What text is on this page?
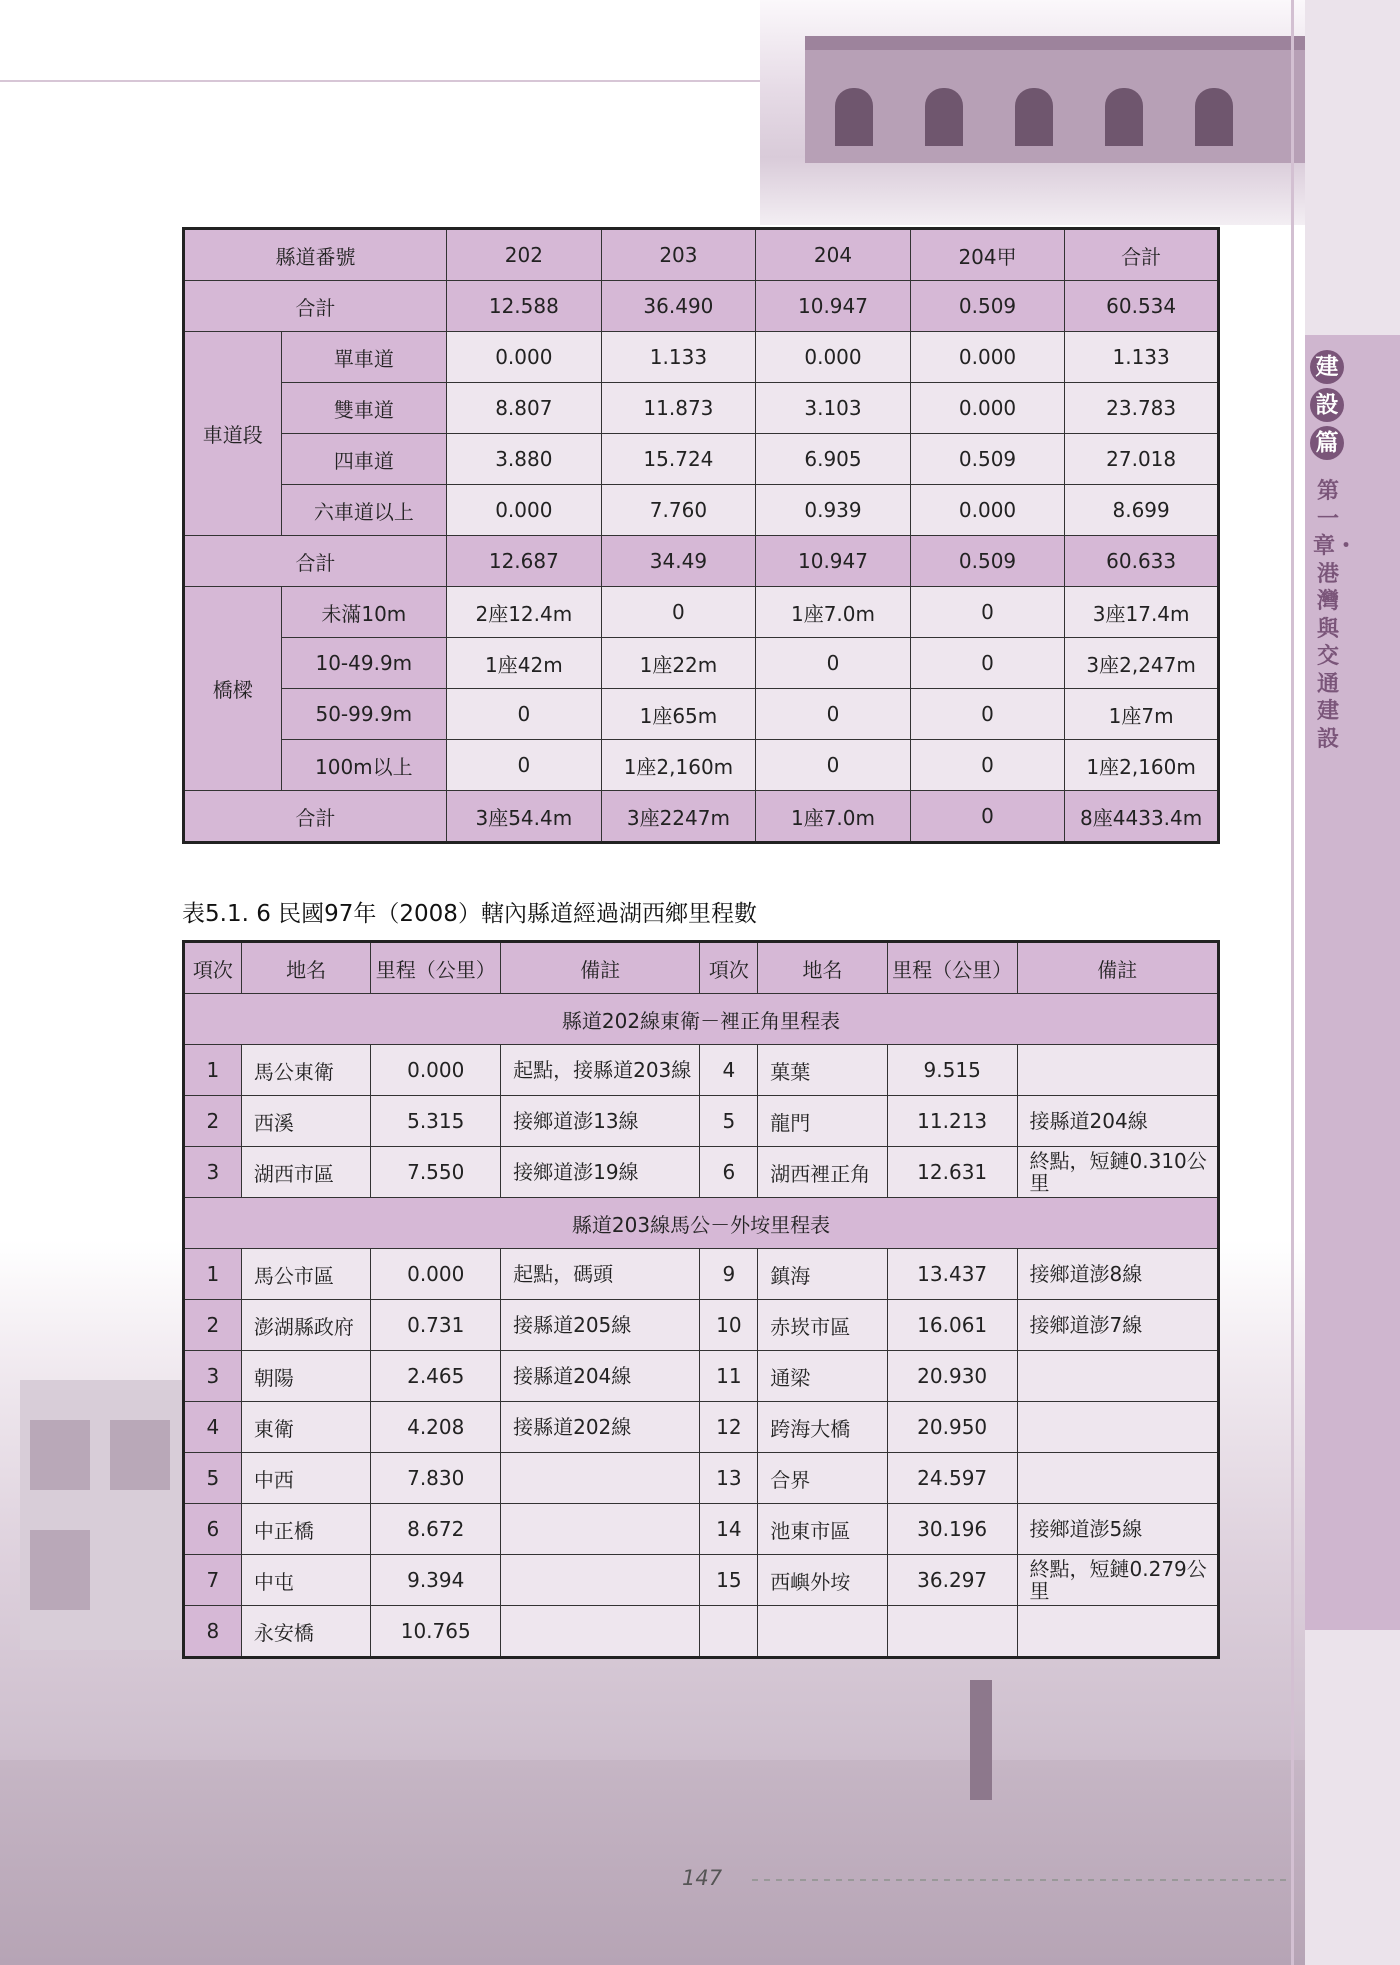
建
設
篇
第一章・港灣與交通建設
縣道番號		202	203	204	204甲	合計
合計		12.588	36.490	10.947	0.509	60.534
車道段	單車道	0.000	1.133	0.000	0.000	1.133
	雙車道	8.807	11.873	3.103	0.000	23.783
	四車道	3.880	15.724	6.905	0.509	27.018
	六車道以上	0.000	7.760	0.939	0.000	8.699
合計		12.687	34.49	10.947	0.509	60.633
橋樑	未滿10m	2座12.4m	0	1座7.0m	0	3座17.4m
	10-49.9m	1座42m	1座22m	0	0	3座2,247m
	50-99.9m	0	1座65m	0	0	1座7m
	100m以上	0	1座2,160m	0	0	1座2,160m
合計		3座54.4m	3座2247m	1座7.0m	0	8座4433.4m
表5.1. 6 民國97年（2008）轄內縣道經過湖西鄉里程數
項次	地名	里程（公里）	備註	項次	地名	里程（公里）	備註
縣道202線東衛－裡正角里程表							
1	馬公東衛	0.000	起點，接縣道203線	4	菓葉	9.515	
2	西溪	5.315	接鄉道澎13線	5	龍門	11.213	接縣道204線
3	湖西市區	7.550	接鄉道澎19線	6	湖西裡正角	12.631	終點，短鏈0.310公里
縣道203線馬公－外垵里程表							
1	馬公市區	0.000	起點，碼頭	9	鎮海	13.437	接鄉道澎8線
2	澎湖縣政府	0.731	接縣道205線	10	赤崁市區	16.061	接鄉道澎7線
3	朝陽	2.465	接縣道204線	11	通梁	20.930	
4	東衛	4.208	接縣道202線	12	跨海大橋	20.950	
5	中西	7.830		13	合界	24.597	
6	中正橋	8.672		14	池東市區	30.196	接鄉道澎5線
7	中屯	9.394		15	西嶼外垵	36.297	終點，短鏈0.279公里
8	永安橋	10.765					
147
